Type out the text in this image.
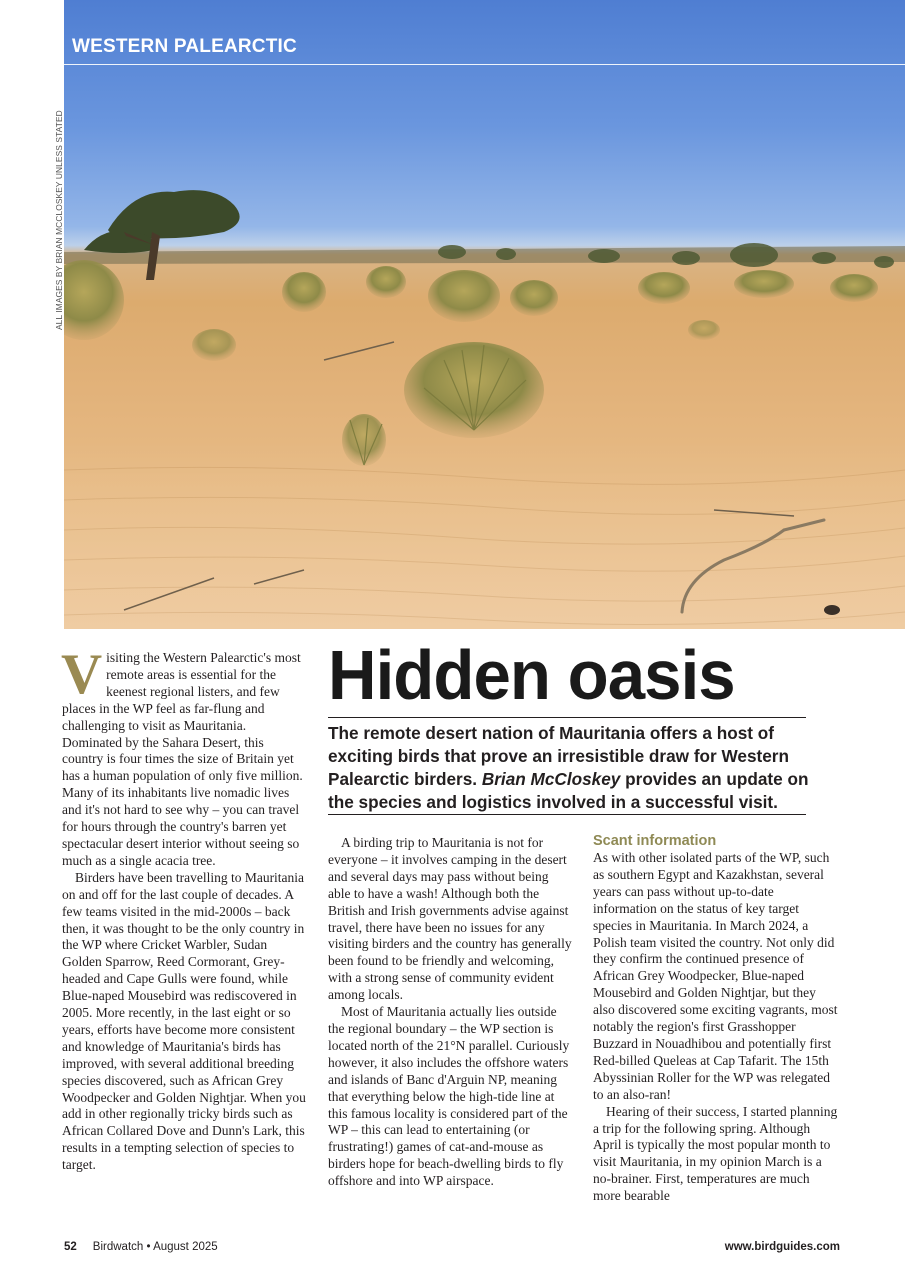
WESTERN PALEARCTIC
ALL IMAGES BY BRIAN MCCLOSKEY UNLESS STATED
Hidden oasis

The remote desert nation of Mauritania offers a host of exciting birds that prove an irresistible draw for Western Palearctic birders. Brian McCloskey provides an update on the species and logistics involved in a successful visit.

Visiting the Western Palearctic's most remote areas is essential for the keenest regional listers, and few places in the WP feel as far-flung and challenging to visit as Mauritania. Dominated by the Sahara Desert, this country is four times the size of Britain yet has a human population of only five million. Many of its inhabitants live nomadic lives and it's not hard to see why – you can travel for hours through the country's barren yet spectacular desert interior without seeing so much as a single acacia tree.

Birders have been travelling to Mauritania on and off for the last couple of decades. A few teams visited in the mid-2000s – back then, it was thought to be the only country in the WP where Cricket Warbler, Sudan Golden Sparrow, Reed Cormorant, Grey-headed and Cape Gulls were found, while Blue-naped Mousebird was rediscovered in 2005. More recently, in the last eight or so years, efforts have become more consistent and knowledge of Mauritania's birds has improved, with several additional breeding species discovered, such as African Grey Woodpecker and Golden Nightjar. When you add in other regionally tricky birds such as African Collared Dove and Dunn's Lark, this results in a tempting selection of species to target.

A birding trip to Mauritania is not for everyone – it involves camping in the desert and several days may pass without being able to have a wash! Although both the British and Irish governments advise against travel, there have been no issues for any visiting birders and the country has generally been found to be friendly and welcoming, with a strong sense of community evident among locals.

Most of Mauritania actually lies outside the regional boundary – the WP section is located north of the 21°N parallel. Curiously however, it also includes the offshore waters and islands of Banc d'Arguin NP, meaning that everything below the high-tide line at this famous locality is considered part of the WP – this can lead to entertaining (or frustrating!) games of cat-and-mouse as birders hope for beach-dwelling birds to fly offshore and into WP airspace.

Scant information

As with other isolated parts of the WP, such as southern Egypt and Kazakhstan, several years can pass without up-to-date information on the status of key target species in Mauritania. In March 2024, a Polish team visited the country. Not only did they confirm the continued presence of African Grey Woodpecker, Blue-naped Mousebird and Golden Nightjar, but they also discovered some exciting vagrants, most notably the region's first Grasshopper Buzzard in Nouadhibou and potentially first Red-billed Queleas at Cap Tafarit. The 15th Abyssinian Roller for the WP was relegated to an also-ran!

Hearing of their success, I started planning a trip for the following spring. Although April is typically the most popular month to visit Mauritania, in my opinion March is a no-brainer. First, temperatures are much more bearable

52 Birdwatch • August 2025	www.birdguides.com
